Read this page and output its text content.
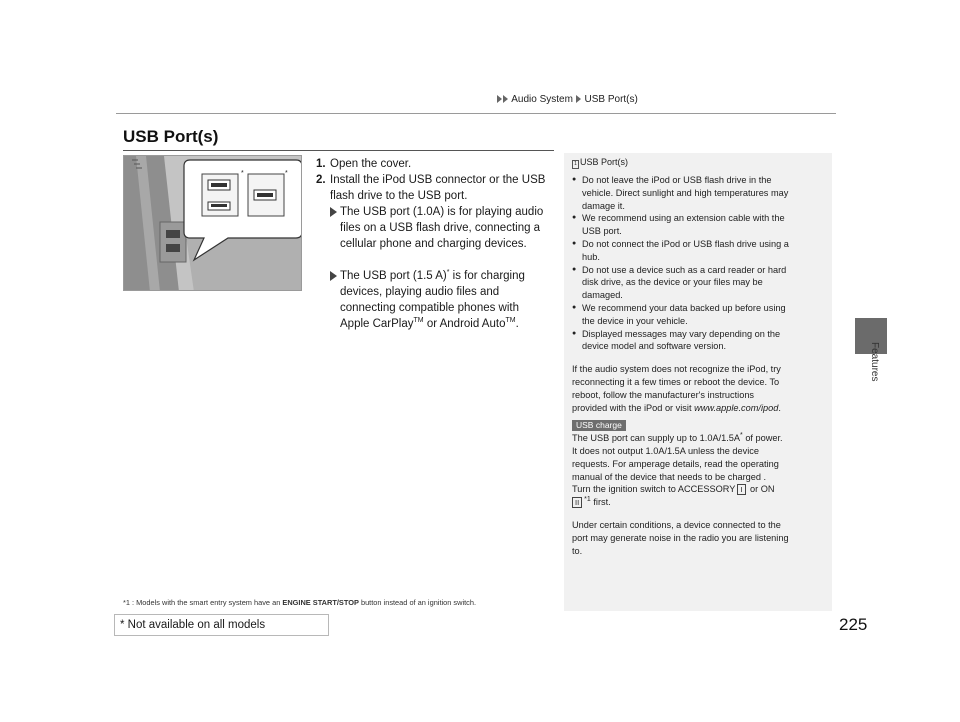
Audio System USB Port(s)
Features
USB Port(s)
*	*

1. Open the cover.

2. Install the iPod USB connector or the USB

flash drive to the USB port.

The USB port (1.0A) is for playing audio

files on a USB flash drive, connecting a

cellular phone and charging devices.

The USB port (1.5 A)* is for charging

devices, playing audio files and

connecting compatible phones with

Apple CarPlay™ or Android Auto™.

1 USB Port(s)
● Do not leave the iPod or USB flash drive in the
vehicle. Direct sunlight and high temperatures may
damage it.
● We recommend using an extension cable with the
USB port.
● Do not connect the iPod or USB flash drive using a
hub.
● Do not use a device such as a card reader or hard
disk drive, as the device or your files may be
damaged.
● We recommend your data backed up before using
the device in your vehicle.
● Displayed messages may vary depending on the
device model and software version.

If the audio system does not recognize the iPod, try
reconnecting it a few times or reboot the device. To
reboot, follow the manufacturer's instructions
provided with the iPod or visit www.apple.com/ipod.

USB charge

The USB port can supply up to 1.0A/1.5A* of power.
It does not output 1.0A/1.5A unless the device
requests. For amperage details, read the operating
manual of the device that needs to be charged .
Turn the ignition switch to ACCESSORY I or ON
II $^{*1}$ first.

Under certain conditions, a device connected to the
port may generate noise in the radio you are listening
to.

*1 : Models with the smart entry system have an ENGINE START/STOP button instead of an ignition switch.
225
* Not available on all models
